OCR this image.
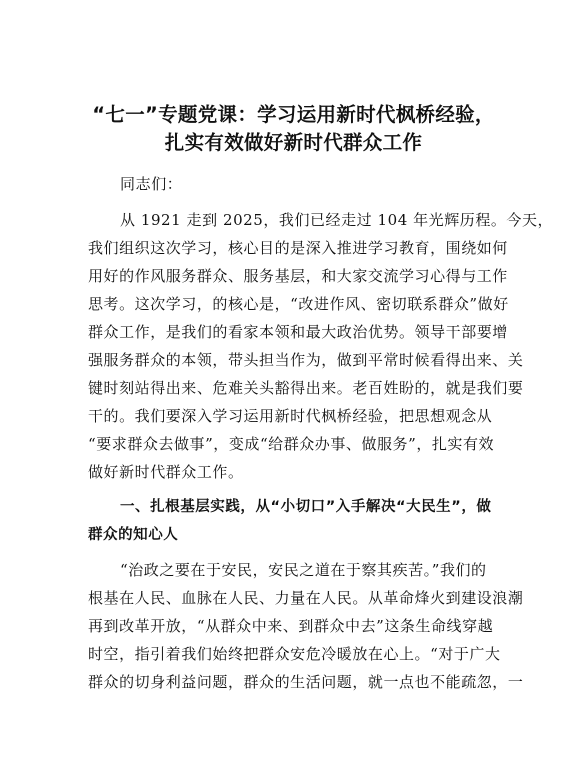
“七一”专题党课：学习运用新时代枫桥经验，
扎实有效做好新时代群众工作
同志们：
从 1921 走到 2025，我们已经走过 104 年光辉历程。今天，
我们组织这次学习，核心目的是深入推进学习教育，围绕如何
用好的作风服务群众、服务基层，和大家交流学习心得与工作
思考。这次学习，的核心是，“改进作风、密切联系群众”做好
群众工作，是我们的看家本领和最大政治优势。领导干部要增
强服务群众的本领，带头担当作为，做到平常时候看得出来、关
键时刻站得出来、危难关头豁得出来。老百姓盼的，就是我们要
干的。我们要深入学习运用新时代枫桥经验，把思想观念从
“要求群众去做事”，变成“给群众办事、做服务”，扎实有效
做好新时代群众工作。
一、扎根基层实践，从“小切口”入手解决“大民生”，做
群众的知心人
“治政之要在于安民，安民之道在于察其疾苦。”我们的
根基在人民、血脉在人民、力量在人民。从革命烽火到建设浪潮
再到改革开放，“从群众中来、到群众中去”这条生命线穿越
时空，指引着我们始终把群众安危冷暖放在心上。“对于广大
群众的切身利益问题，群众的生活问题，就一点也不能疏忽，一
